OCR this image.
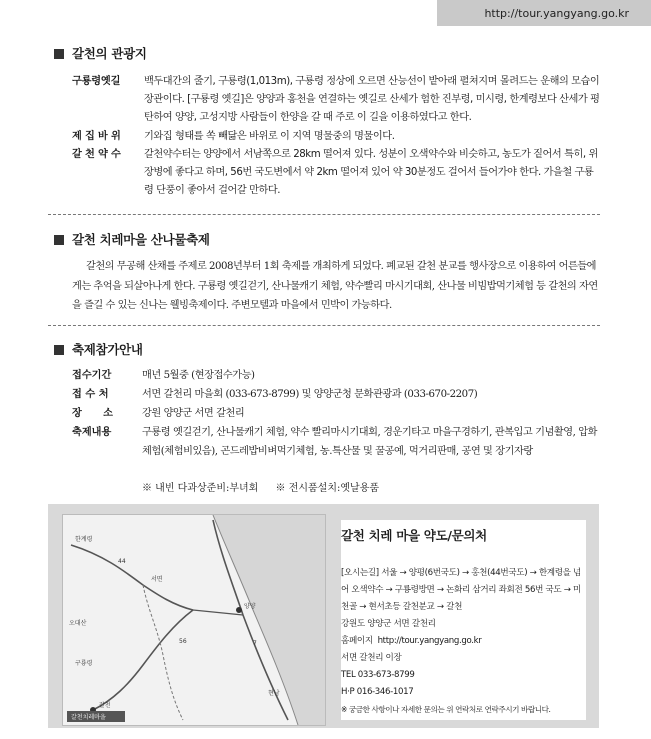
http://tour.yangyang.go.kr
갈천의 관광지
구룡령옛길	백두대간의 줄기, 구룡령(1,013m), 구룡령 정상에 오르면 산능선이 밭아래 펼쳐지며 몰려드는 운해의 모습이 장관이다. [구룡령 옛길]은 양양과 홍천을 연결하는 옛길로 산세가 험한 진부령, 미시령, 한계령보다 산세가 평탄하여 양양, 고성지방 사람들이 한양을 갈 때 주로 이 길을 이용하였다고 한다.
제 집 바 위	기와집 형태를 쏙 빼닮은 바위로 이 지역 명물중의 명물이다.
갈 천 약 수	갈천약수터는 양양에서 서남쪽으로 28km 떨어져 있다. 성분이 오색약수와 비슷하고, 농도가 짙어서 특히, 위장병에 좋다고 하며, 56번 국도변에서 약 2km 떨어져 있어 약 30분정도 걸어서 들어가야 한다. 가을철 구룡령 단풍이 좋아서 걸어갈 만하다.
갈천 치레마을 산나물축제
갈천의 무공해 산채를 주제로 2008년부터 1회 축제를 개최하게 되었다. 폐교된 갈천 분교를 행사장으로 이용하여 어른들에게는 추억을 되살아나게 한다. 구룡령 옛길걷기, 산나물캐기 체험, 약수빨리 마시기대회, 산나물 비빔밥먹기체험 등 갈천의 자연을 즐길 수 있는 신나는 웰빙축제이다. 주변모텔과 마을에서 민박이 가능하다.
축제참가안내
접수기간	매년 5월중 (현장접수가능)
접 수 처	서면 갈천리 마을회 (033-673-8799) 및 양양군청 문화관광과 (033-670-2207)
장      소	강원 양양군 서면 갈천리
축제내용	구룡령 옛길걷기, 산나물캐기 체험, 약수 빨리마시기대회, 경운기타고 마을구경하기, 관복입고 기념촬영, 압화체험(체험비있음), 곤드레밥비벼먹기체험, 농.특산물 및 꿀공예, 먹거리판매, 공연 및 장기자랑
※ 내빈 다과상준비:부녀회 ※ 전시품설치:옛날용품
양양
한계령
서면
구룡령
오대산
현남
갈천
56
44
7
갈천치레마을
갈천 치레 마을 약도/문의처
[오시는길] 서울 → 양평(6번국도) → 홍천(44번국도) → 한계령을 넘어 오색약수 → 구룡령방면 → 논화리 삼거리 좌회전 56번 국도 → 미천골 → 현서초등 갈천분교 → 갈천
강원도 양양군 서면 갈천리
홈페이지 http://tour.yangyang.go.kr
서면 갈천리 이장
TEL 033-673-8799
H·P 016-346-1017
※ 궁금한 사항이나 자세한 문의는 위 연락처로 연락주시기 바랍니다.
